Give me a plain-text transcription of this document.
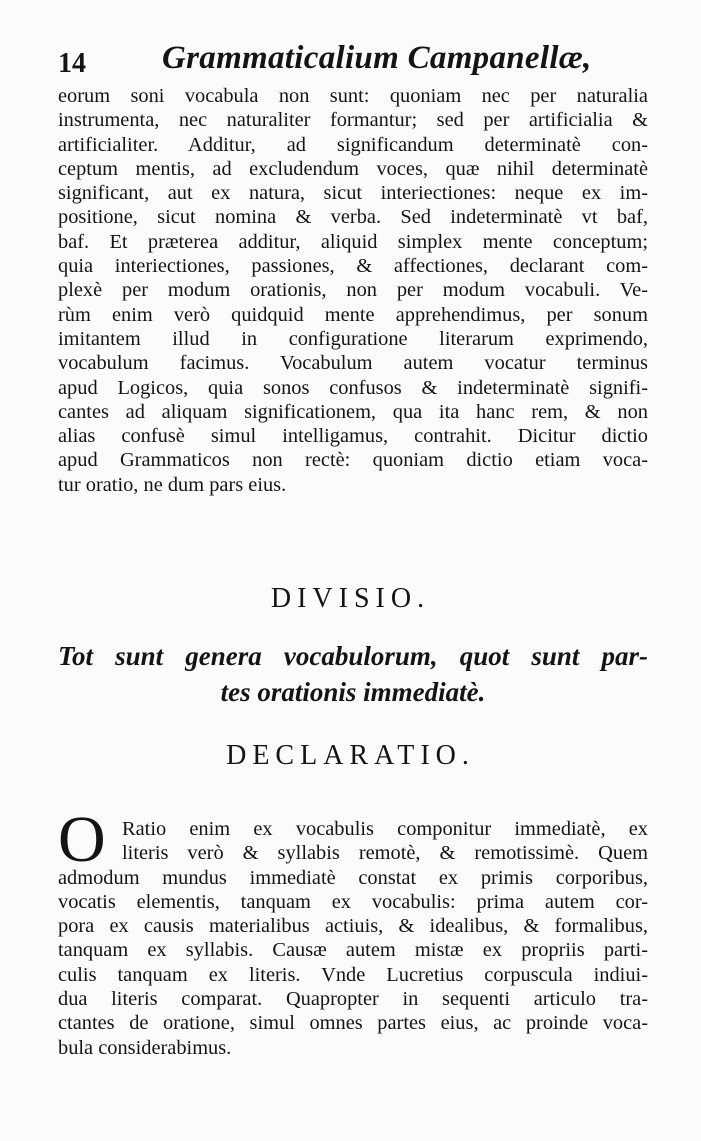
14 Grammaticalium Campanellæ,
eorum soni vocabula non sunt: quoniam nec per naturalia
instrumenta, nec naturaliter formantur; sed per artificialia &
artificialiter. Additur, ad significandum determinatè con-
ceptum mentis, ad excludendum voces, quæ nihil determinatè
significant, aut ex natura, sicut interiectiones: neque ex im-
positione, sicut nomina & verba. Sed indeterminatè vt baf,
baf. Et præterea additur, aliquid simplex mente conceptum;
quia interiectiones, passiones, & affectiones, declarant com-
plexè per modum orationis, non per modum vocabuli. Ve-
rùm enim verò quidquid mente apprehendimus, per sonum
imitantem illud in configuratione literarum exprimendo,
vocabulum facimus. Vocabulum autem vocatur terminus
apud Logicos, quia sonos confusos & indeterminatè signifi-
cantes ad aliquam significationem, qua ita hanc rem, & non
alias confusè simul intelligamus, contrahit. Dicitur dictio
apud Grammaticos non rectè: quoniam dictio etiam voca-
tur oratio, ne dum pars eius.
DIVISIO.
Tot sunt genera vocabulorum, quot sunt par-
tes orationis immediatè.
DECLARATIO.
O Ratio enim ex vocabulis componitur immediatè, ex
literis verò & syllabis remotè, & remotissimè. Quem
admodum mundus immediatè constat ex primis corporibus,
vocatis elementis, tanquam ex vocabulis: prima autem cor-
pora ex causis materialibus actiuis, & idealibus, & formalibus,
tanquam ex syllabis. Causæ autem mistæ ex propriis parti-
culis tanquam ex literis. Vnde Lucretius corpuscula indiui-
dua literis comparat. Quapropter in sequenti articulo tra-
ctantes de oratione, simul omnes partes eius, ac proinde voca-
bula considerabimus.
